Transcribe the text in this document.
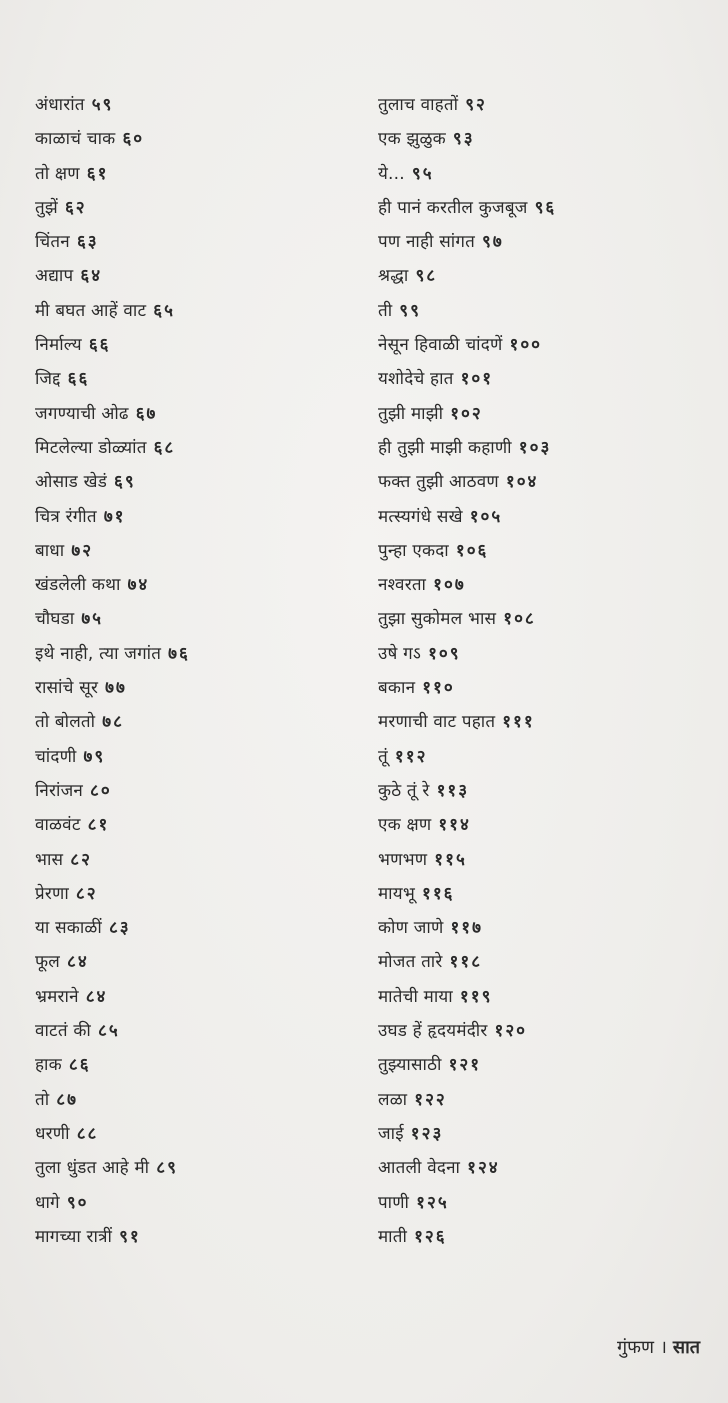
अंधारांत ५९
काळाचं चाक ६०
तो क्षण ६१
तुझें ६२
चिंतन ६३
अद्याप ६४
मी बघत आहें वाट ६५
निर्माल्य ६६
जिद्द ६६
जगण्याची ओढ ६७
मिटलेल्या डोळ्यांत ६८
ओसाड खेडं ६९
चित्र रंगीत ७१
बाधा ७२
खंडलेली कथा ७४
चौघडा ७५
इथे नाही, त्या जगांत ७६
रासांचे सूर ७७
तो बोलतो ७८
चांदणी ७९
निरांजन ८०
वाळवंट ८१
भास ८२
प्रेरणा ८२
या सकाळीं ८३
फूल ८४
भ्रमराने ८४
वाटतं की ८५
हाक ८६
तो ८७
धरणी ८८
तुला धुंडत आहे मी ८९
धागे ९०
मागच्या रात्रीं ९१
तुलाच वाहतों ९२
एक झुळुक ९३
ये... ९५
ही पानं करतील कुजबूज ९६
पण नाही सांगत ९७
श्रद्धा ९८
ती ९९
नेसून हिवाळी चांदणें १००
यशोदेचे हात १०१
तुझी माझी १०२
ही तुझी माझी कहाणी १०३
फक्त तुझी आठवण १०४
मत्स्यगंधे सखे १०५
पुन्हा एकदा १०६
नश्वरता १०७
तुझा सुकोमल भास १०८
उषे गऽ १०९
बकान ११०
मरणाची वाट पहात १११
तूं ११२
कुठे तूं रे ११३
एक क्षण ११४
भणभण ११५
मायभू ११६
कोण जाणे ११७
मोजत तारे ११८
मातेची माया ११९
उघड हें हृदयमंदीर १२०
तुझ्यासाठी १२१
लळा १२२
जाई १२३
आतली वेदना १२४
पाणी १२५
माती १२६
गुंफण । सात
